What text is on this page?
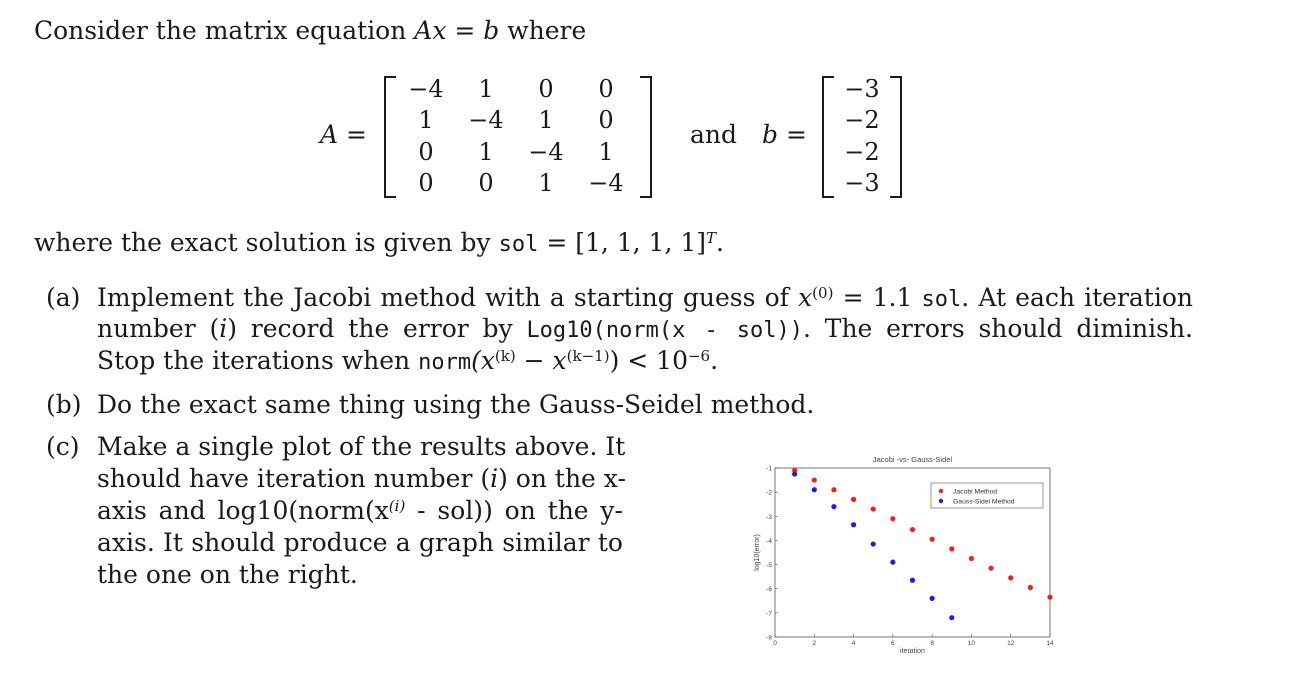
Consider the matrix equation Ax = b where
A =
−4	1	0	0
1	−4	1	0
0	1	−4	1
0	0	1	−4
and b =
−3
−2
−2
−3
where the exact solution is given by sol = [1, 1, 1, 1]$^T$.
(a) Implement the Jacobi method with a starting guess of $x^{(0)} = 1.1$ sol. At each iteration
number (i) record the error by Log10(norm(x - sol)). The errors should diminish.
Stop the iterations when $norm(x^{(k)} - x^{(k-1)}) < 10^{-6}$.
(b) Do the exact same thing using the Gauss-Seidel method.
(c) Make a single plot of the results above. It
should have iteration number (i) on the x-
axis and $\log 10(norm(x^{(i)} - sol))$ on the y-
axis. It should produce a graph similar to
the one on the right.
Jacobi -vs- Gauss-Sidel
0	2	4	6	8	10	12	14
-1
-2
-3
-4
-5
-6
-7
-8
iteration
log10(error)
Jacobi Method
Gauss-Sidel Method
